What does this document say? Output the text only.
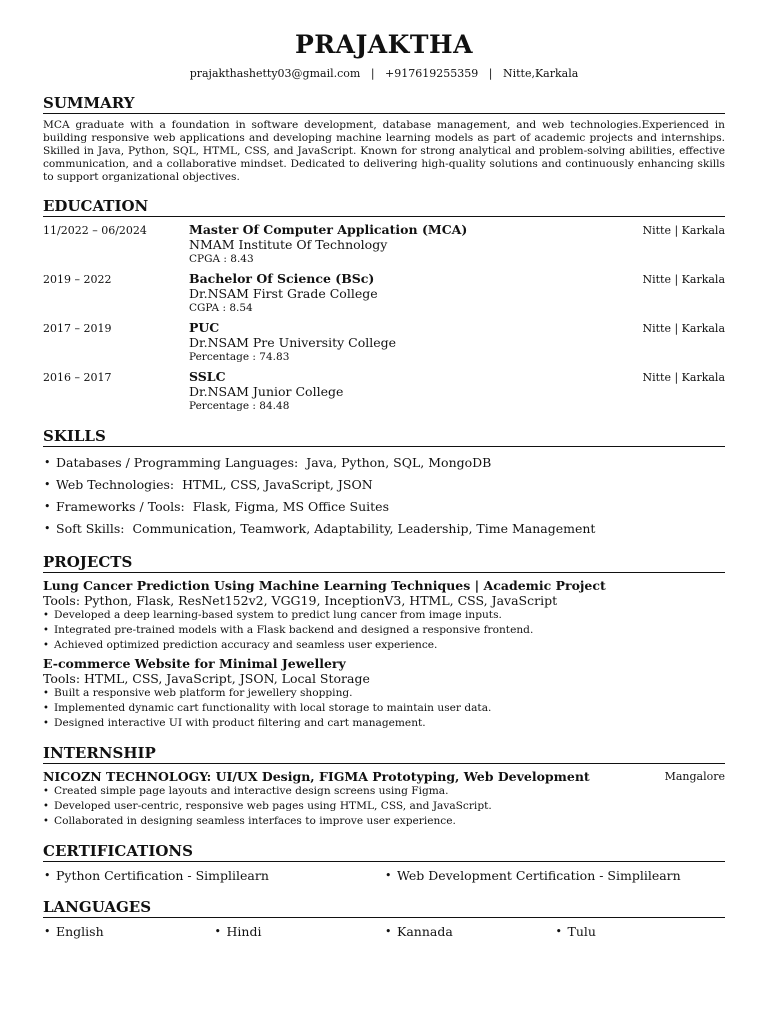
PRAJAKTHA
prajakthashetty03@gmail.com | +917619255359 | Nitte,Karkala
SUMMARY
MCA graduate with a foundation in software development, database management, and web technologies.Experienced in building responsive web applications and developing machine learning models as part of academic projects and internships. Skilled in Java, Python, SQL, HTML, CSS, and JavaScript. Known for strong analytical and problem-solving abilities, effective communication, and a collaborative mindset. Dedicated to delivering high-quality solutions and continuously enhancing skills to support organizational objectives.
EDUCATION
11/2022 – 06/2024	Master Of Computer Application (MCA)
NMAM Institute Of Technology
CPGA : 8.43
Nitte | Karkala
2019 – 2022	Bachelor Of Science (BSc)
Dr.NSAM First Grade College
CGPA : 8.54
Nitte | Karkala
2017 – 2019	PUC
Dr.NSAM Pre University College
Percentage : 74.83
Nitte | Karkala
2016 – 2017	SSLC
Dr.NSAM Junior College
Percentage : 84.48
Nitte | Karkala
SKILLS
• Databases / Programming Languages: Java, Python, SQL, MongoDB
• Web Technologies: HTML, CSS, JavaScript, JSON
• Frameworks / Tools: Flask, Figma, MS Office Suites
• Soft Skills: Communication, Teamwork, Adaptability, Leadership, Time Management
PROJECTS
Lung Cancer Prediction Using Machine Learning Techniques | Academic Project
Tools: Python, Flask, ResNet152v2, VGG19, InceptionV3, HTML, CSS, JavaScript
• Developed a deep learning-based system to predict lung cancer from image inputs.
• Integrated pre-trained models with a Flask backend and designed a responsive frontend.
• Achieved optimized prediction accuracy and seamless user experience.
E-commerce Website for Minimal Jewellery
Tools: HTML, CSS, JavaScript, JSON, Local Storage
• Built a responsive web platform for jewellery shopping.
• Implemented dynamic cart functionality with local storage to maintain user data.
• Designed interactive UI with product filtering and cart management.
INTERNSHIP
NICOZN TECHNOLOGY: UI/UX Design, FIGMA Prototyping, Web Development	Mangalore
• Created simple page layouts and interactive design screens using Figma.
• Developed user-centric, responsive web pages using HTML, CSS, and JavaScript.
• Collaborated in designing seamless interfaces to improve user experience.
CERTIFICATIONS
• Python Certification - Simplilearn	• Web Development Certification - Simplilearn
LANGUAGES
• English	• Hindi	• Kannada	• Tulu
